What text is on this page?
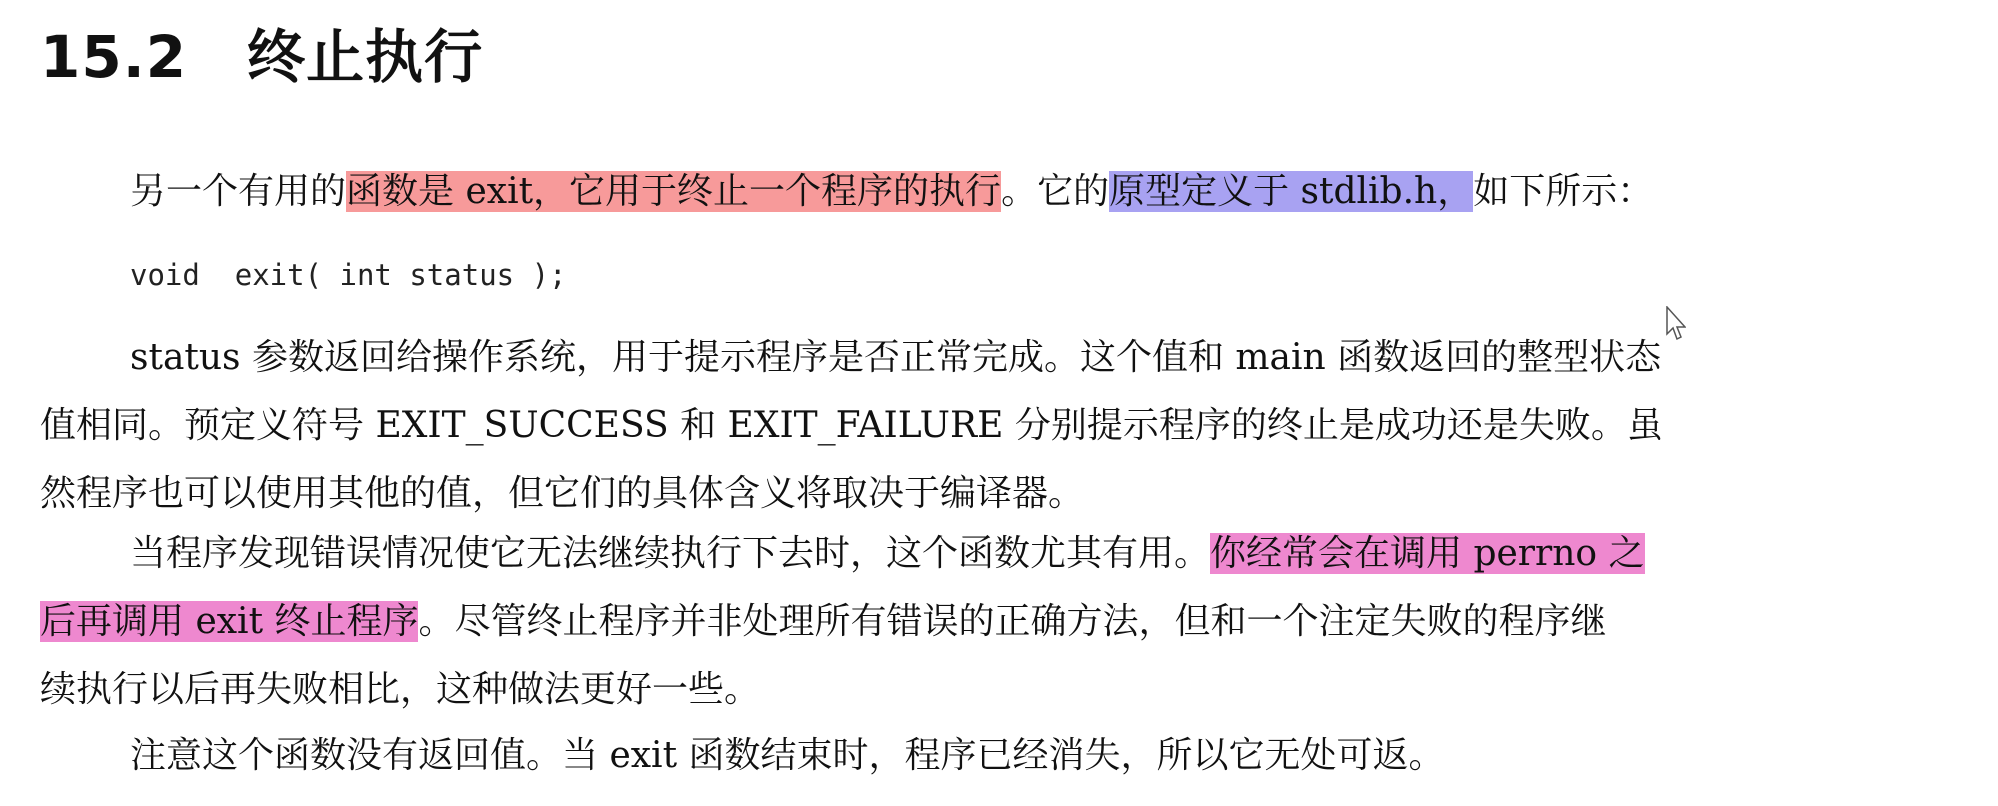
15.2 终止执行

另一个有用的函数是 exit，它用于终止一个程序的执行。它的原型定义于 stdlib.h，如下所示：

void  exit( int status );

status 参数返回给操作系统，用于提示程序是否正常完成。这个值和 main 函数返回的整型状态
值相同。预定义符号 EXIT_SUCCESS 和 EXIT_FAILURE 分别提示程序的终止是成功还是失败。虽
然程序也可以使用其他的值，但它们的具体含义将取决于编译器。

当程序发现错误情况使它无法继续执行下去时，这个函数尤其有用。你经常会在调用 perrno 之
后再调用 exit 终止程序。尽管终止程序并非处理所有错误的正确方法，但和一个注定失败的程序继
续执行以后再失败相比，这种做法更好一些。

注意这个函数没有返回值。当 exit 函数结束时，程序已经消失，所以它无处可返。
